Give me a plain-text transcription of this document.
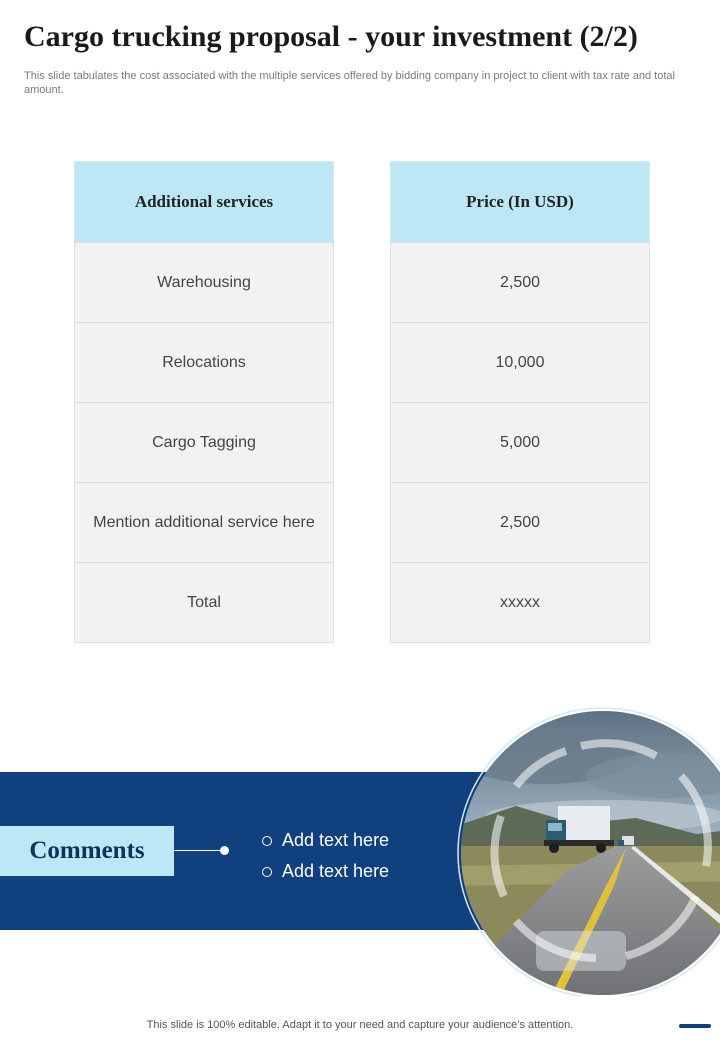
Cargo trucking proposal - your investment (2/2)

This slide tabulates the cost associated with the multiple services offered by bidding company in project to client with tax rate and total amount.

Additional services
Warehousing
Relocations
Cargo Tagging
Mention additional service here
Total
Price (In USD)
2,500
10,000
5,000
2,500
xxxxx
Comments	Add text here
Add text here

This slide is 100% editable. Adapt it to your need and capture your audience’s attention.
